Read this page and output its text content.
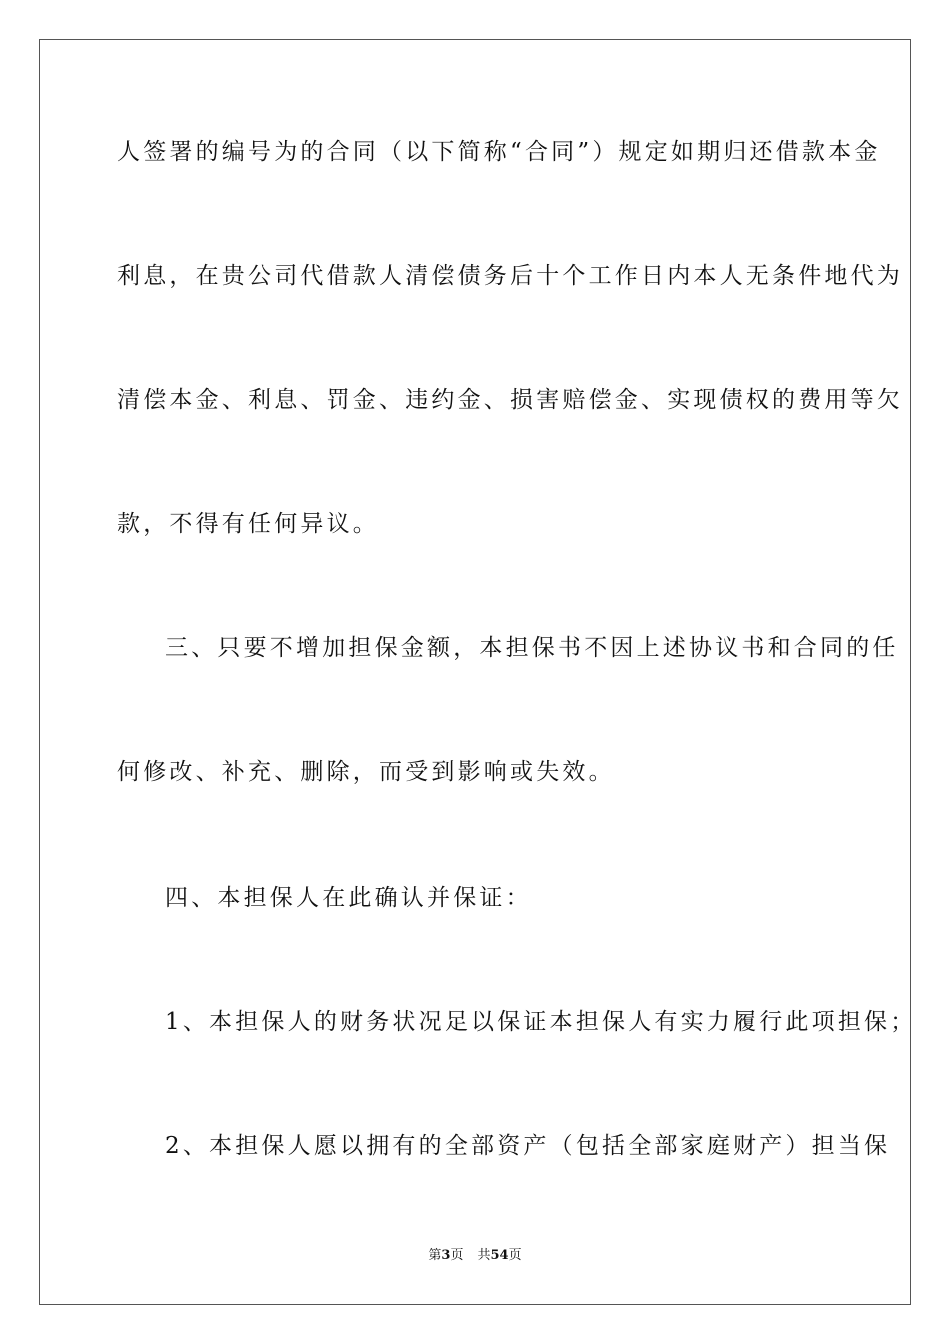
人签署的编号为的合同（以下简称“合同”）规定如期归还借款本金
利息，在贵公司代借款人清偿债务后十个工作日内本人无条件地代为
清偿本金、利息、罚金、违约金、损害赔偿金、实现债权的费用等欠
款，不得有任何异议。
三、只要不增加担保金额，本担保书不因上述协议书和合同的任
何修改、补充、删除，而受到影响或失效。
四、本担保人在此确认并保证：
1、本担保人的财务状况足以保证本担保人有实力履行此项担保；
2、本担保人愿以拥有的全部资产（包括全部家庭财产）担当保
第3页 共54页
